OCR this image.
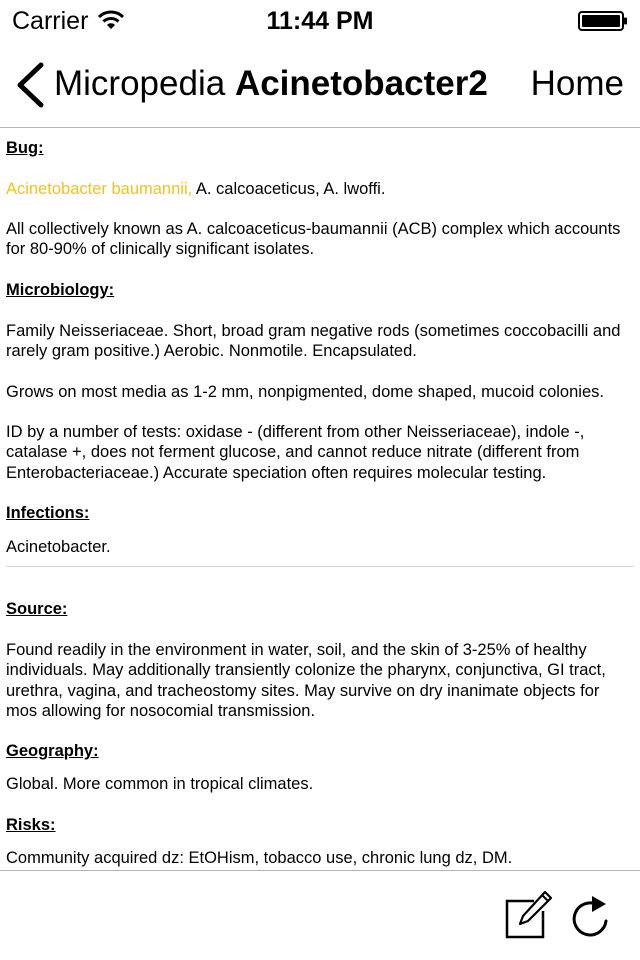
Carrier	11:44 PM
Micropedia Acinetobacter2 Home
Bug:
Acinetobacter baumannii, A. calcoaceticus, A. lwoffi.
All collectively known as A. calcoaceticus-baumannii (ACB) complex which accounts for 80-90% of clinically significant isolates.
Microbiology:
Family Neisseriaceae. Short, broad gram negative rods (sometimes coccobacilli and rarely gram positive.) Aerobic. Nonmotile. Encapsulated.
Grows on most media as 1-2 mm, nonpigmented, dome shaped, mucoid colonies.
ID by a number of tests: oxidase - (different from other Neisseriaceae), indole -, catalase +, does not ferment glucose, and cannot reduce nitrate (different from Enterobacteriaceae.) Accurate speciation often requires molecular testing.
Infections:
Acinetobacter.
Source:
Found readily in the environment in water, soil, and the skin of 3-25% of healthy individuals. May additionally transiently colonize the pharynx, conjunctiva, GI tract, urethra, vagina, and tracheostomy sites. May survive on dry inanimate objects for mos allowing for nosocomial transmission.
Geography:
Global. More common in tropical climates.
Risks:
Community acquired dz: EtOHism, tobacco use, chronic lung dz, DM.
